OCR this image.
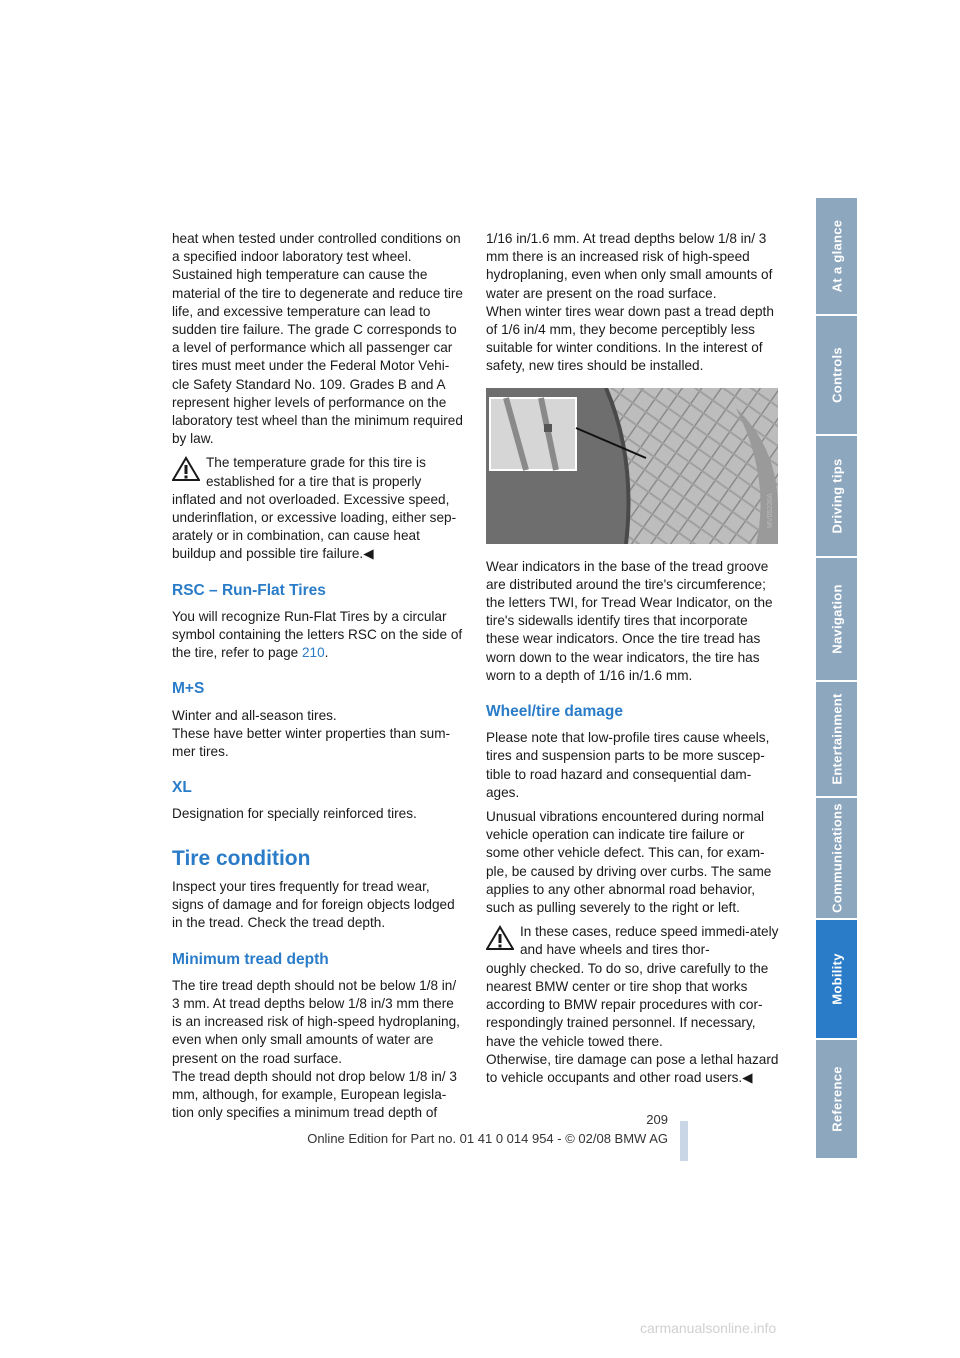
heat when tested under controlled conditions on a specified indoor laboratory test wheel. Sustained high temperature can cause the material of the tire to degenerate and reduce tire life, and excessive temperature can lead to sudden tire failure. The grade C corresponds to a level of performance which all passenger car tires must meet under the Federal Motor Vehi-cle Safety Standard No. 109. Grades B and A represent higher levels of performance on the laboratory test wheel than the minimum required by law.

The temperature grade for this tire is established for a tire that is properly

inflated and not overloaded. Excessive speed, underinflation, or excessive loading, either sep-arately or in combination, can cause heat buildup and possible tire failure.◀

RSC – Run-Flat Tires

You will recognize Run-Flat Tires by a circular symbol containing the letters RSC on the side of the tire, refer to page 210.

M+S

Winter and all-season tires.

These have better winter properties than sum-mer tires.

XL

Designation for specially reinforced tires.

Tire condition

Inspect your tires frequently for tread wear, signs of damage and for foreign objects lodged in the tread. Check the tread depth.

Minimum tread depth

The tire tread depth should not be below 1/8 in/ 3 mm. At tread depths below 1/8 in/3 mm there is an increased risk of high-speed hydroplaning, even when only small amounts of water are present on the road surface.

The tread depth should not drop below 1/8 in/ 3 mm, although, for example, European legisla-tion only specifies a minimum tread depth of

1/16 in/1.6 mm. At tread depths below 1/8 in/ 3 mm there is an increased risk of high-speed hydroplaning, even when only small amounts of water are present on the road surface.

When winter tires wear down past a tread depth of 1/6 in/4 mm, they become perceptibly less suitable for winter conditions. In the interest of safety, new tires should be installed.

MV05236A

Wear indicators in the base of the tread groove are distributed around the tire's circumference; the letters TWI, for Tread Wear Indicator, on the tire's sidewalls identify tires that incorporate these wear indicators. Once the tire tread has worn down to the wear indicators, the tire has worn to a depth of 1/16 in/1.6 mm.

Wheel/tire damage

Please note that low-profile tires cause wheels, tires and suspension parts to be more suscep-tible to road hazard and consequential dam-ages.

Unusual vibrations encountered during normal vehicle operation can indicate tire failure or some other vehicle defect. This can, for exam-ple, be caused by driving over curbs. The same applies to any other abnormal road behavior, such as pulling severely to the right or left.

In these cases, reduce speed immedi-ately and have wheels and tires thor-

oughly checked. To do so, drive carefully to the nearest BMW center or tire shop that works according to BMW repair procedures with cor-respondingly trained personnel. If necessary, have the vehicle towed there.

Otherwise, tire damage can pose a lethal hazard to vehicle occupants and other road users.◀

At a glance
Controls
Driving tips
Navigation
Entertainment
Communications
Mobility
Reference
209
Online Edition for Part no. 01 41 0 014 954 - © 02/08 BMW AG
carmanualsonline.info
